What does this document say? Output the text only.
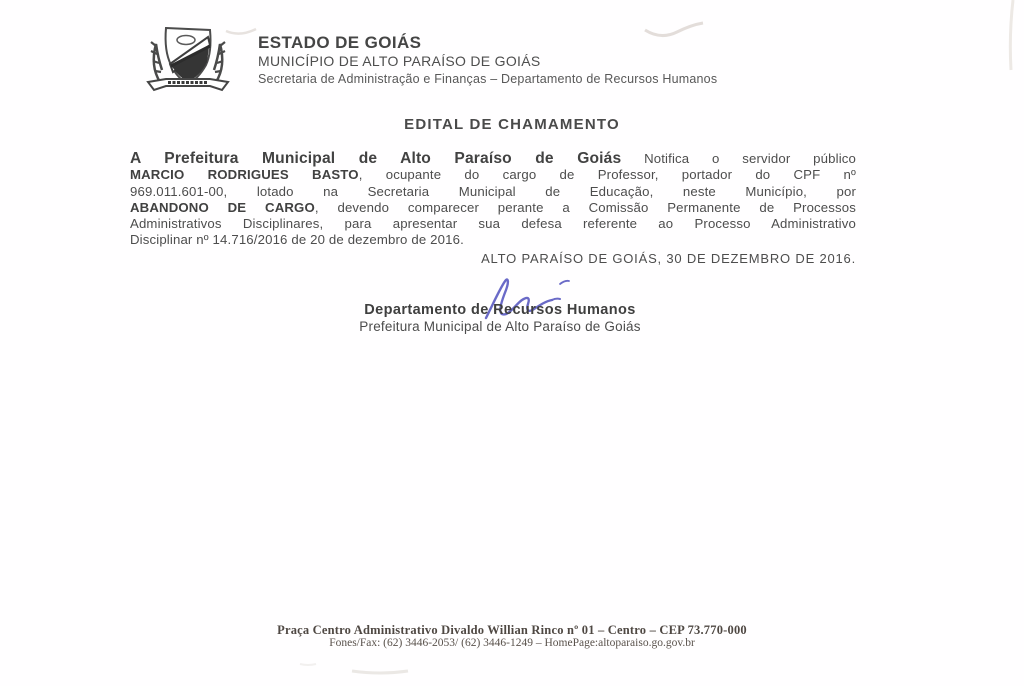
ESTADO DE GOIÁS
MUNICÍPIO DE ALTO PARAÍSO DE GOIÁS
Secretaria de Administração e Finanças – Departamento de Recursos Humanos
EDITAL DE CHAMAMENTO
A Prefeitura Municipal de Alto Paraíso de Goiás Notifica o servidor público
MARCIO RODRIGUES BASTO, ocupante do cargo de Professor, portador do CPF nº
969.011.601-00, lotado na Secretaria Municipal de Educação, neste Município, por
ABANDONO DE CARGO, devendo comparecer perante a Comissão Permanente de Processos
Administrativos Disciplinares, para apresentar sua defesa referente ao Processo Administrativo
Disciplinar nº 14.716/2016 de 20 de dezembro de 2016.
ALTO PARAÍSO DE GOIÁS, 30 DE DEZEMBRO DE 2016.
Departamento de Recursos Humanos
Prefeitura Municipal de Alto Paraíso de Goiás
Praça Centro Administrativo Divaldo Willian Rinco nº 01 – Centro – CEP 73.770-000
Fones/Fax: (62) 3446-2053/ (62) 3446-1249 – HomePage:altoparaiso.go.gov.br
